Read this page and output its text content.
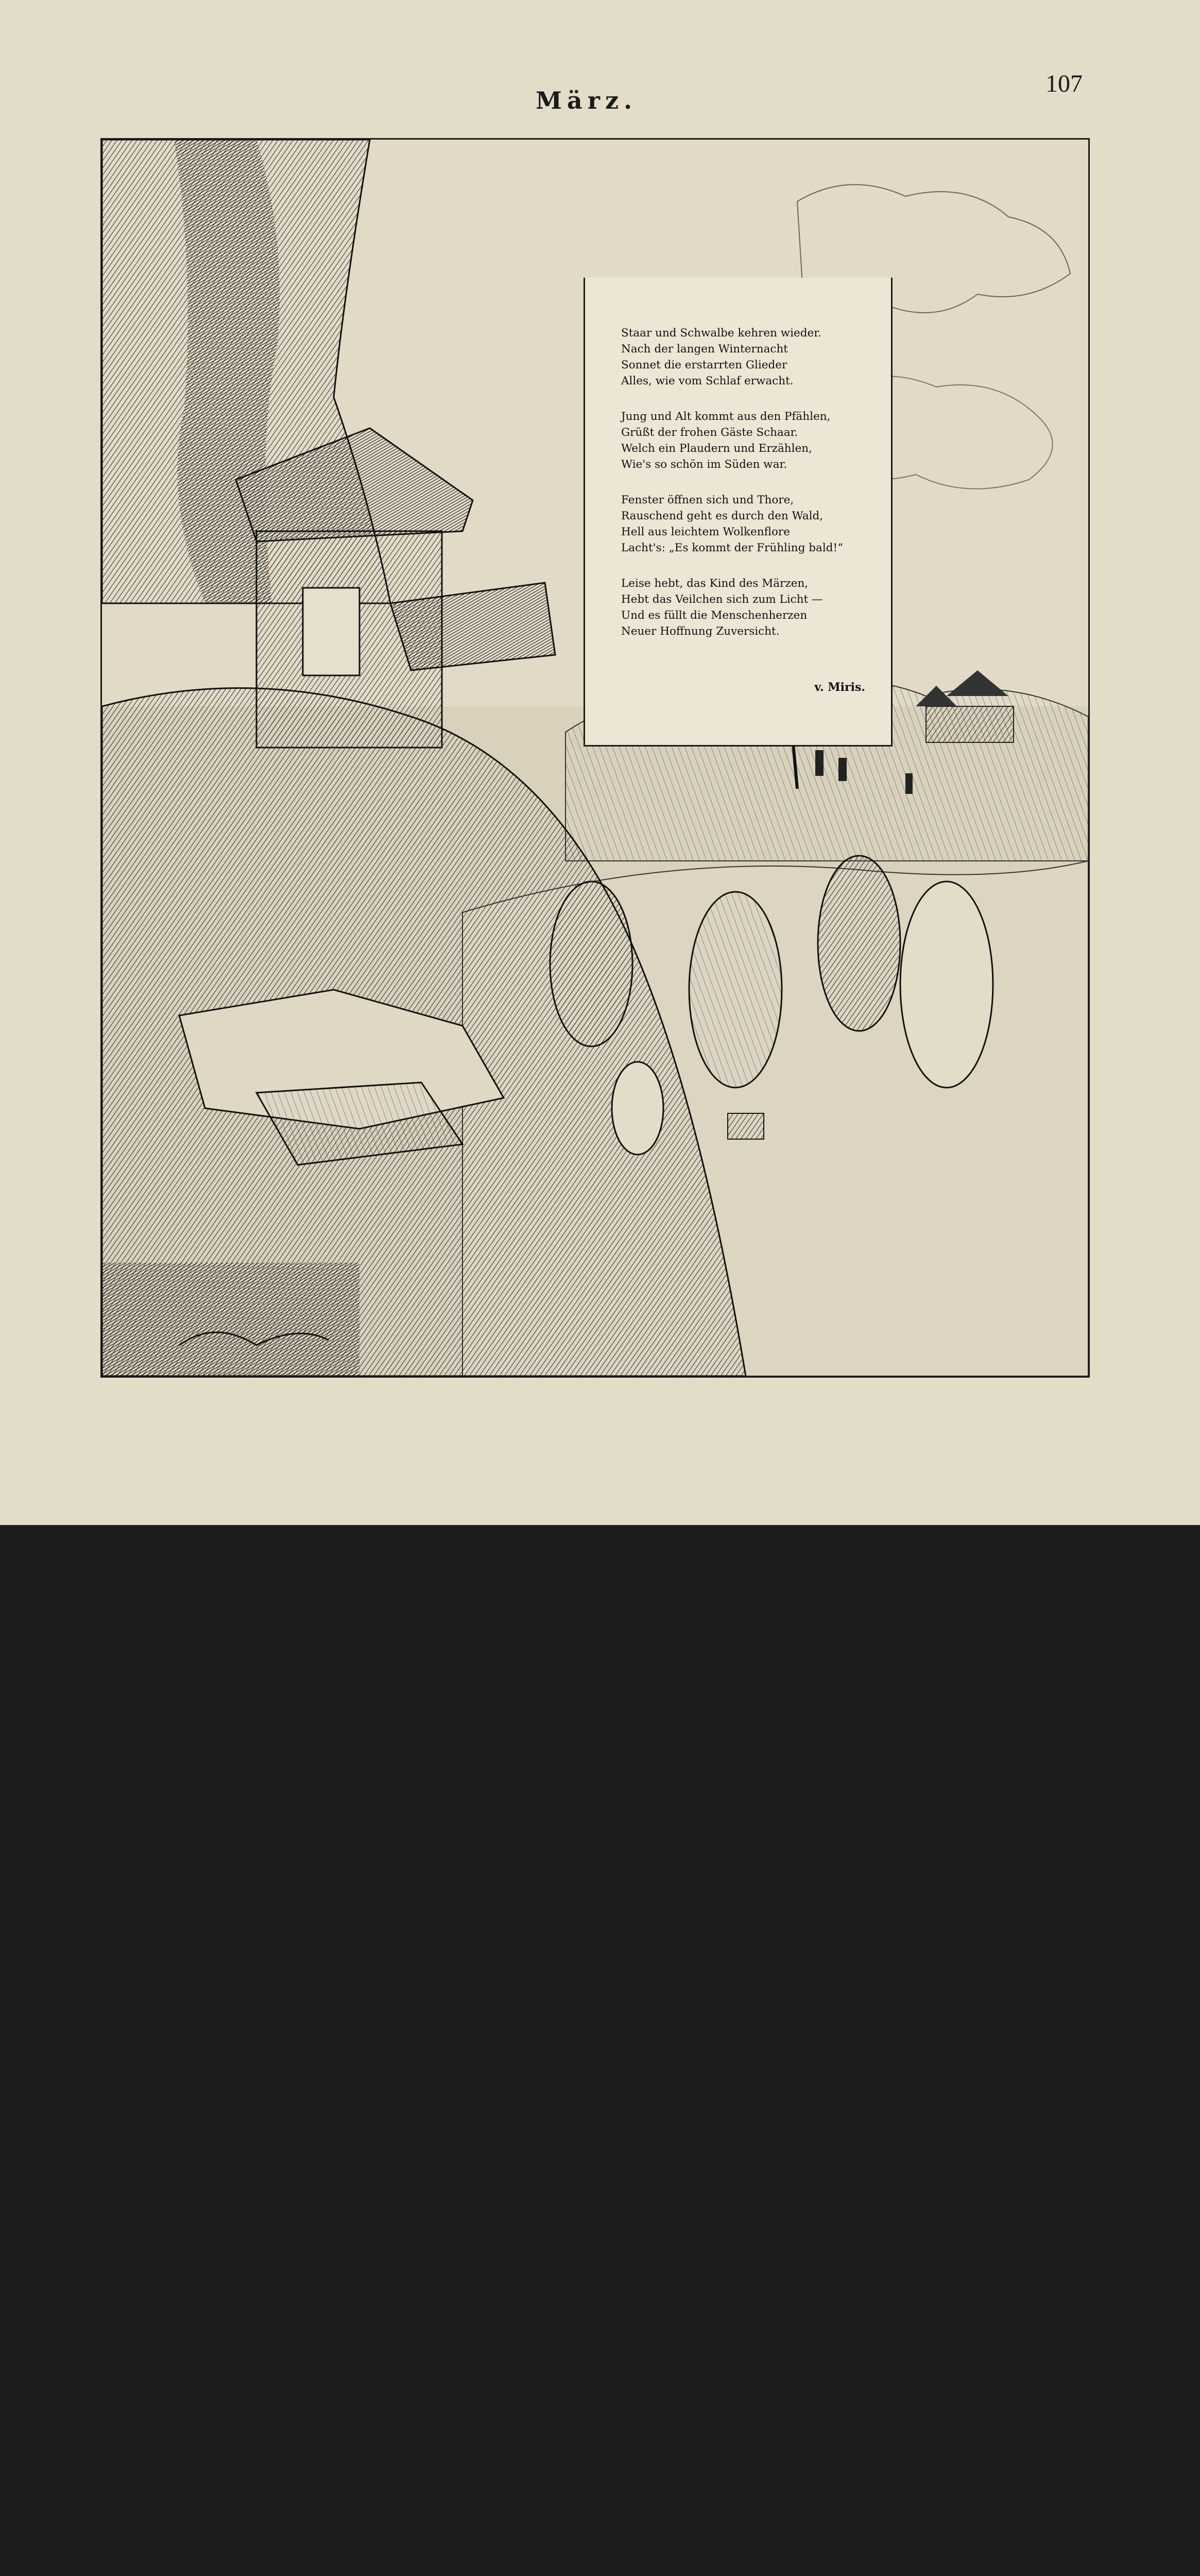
März.
107
Staar und Schwalbe kehren wieder.
Nach der langen Winternacht
Sonnet die erstarrten Glieder
Alles, wie vom Schlaf erwacht.
Jung und Alt kommt aus den Pfählen,
Grüßt der frohen Gäste Schaar.
Welch ein Plaudern und Erzählen,
Wie's so schön im Süden war.
Fenster öffnen sich und Thore,
Rauschend geht es durch den Wald,
Hell aus leichtem Wolkenflore
Lacht's: „Es kommt der Frühling bald!“
Leise hebt, das Kind des Märzen,
Hebt das Veilchen sich zum Licht —
Und es füllt die Menschenherzen
Neuer Hoffnung Zuversicht.
v. Miris.
